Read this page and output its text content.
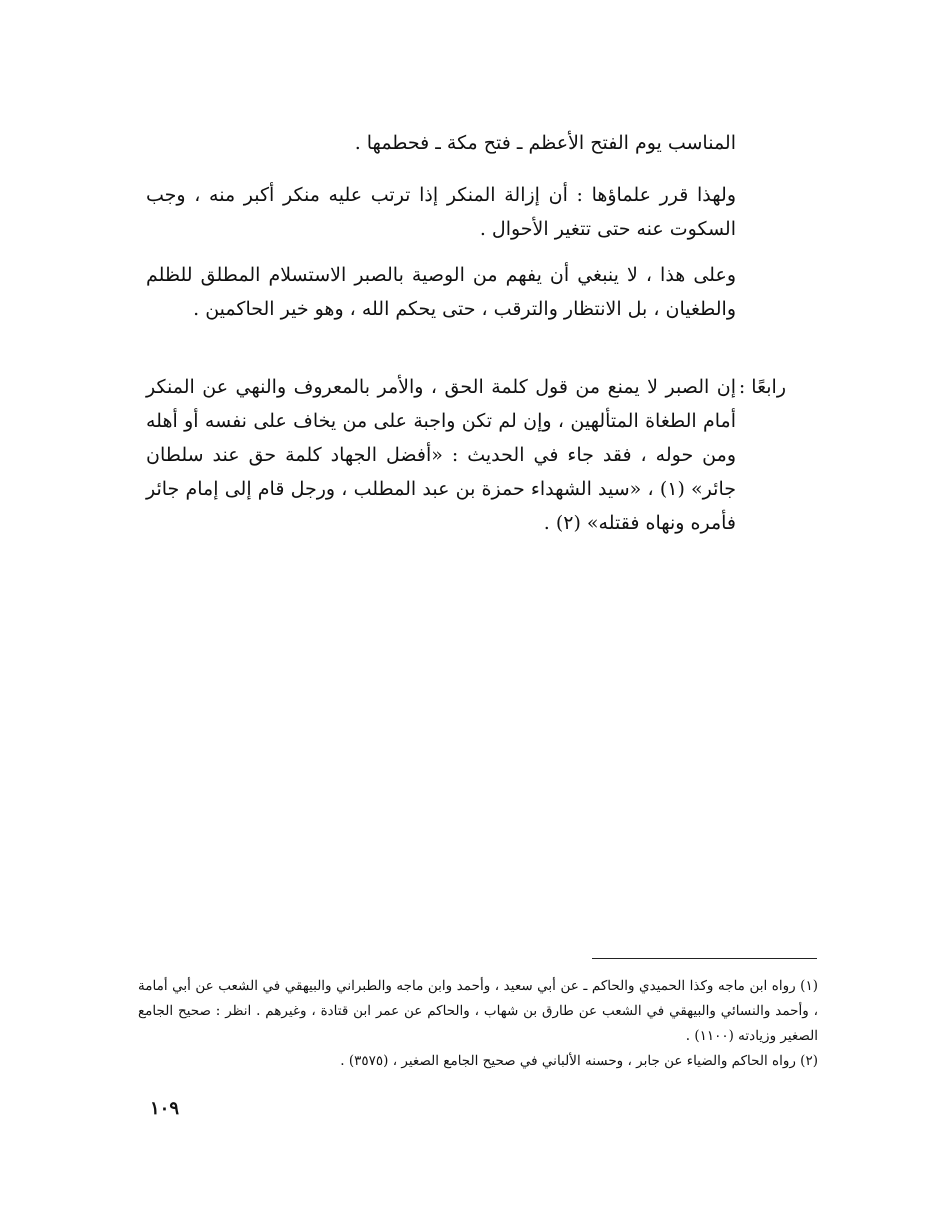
المناسب يوم الفتح الأعظم ـ فتح مكة ـ فحطمها .

ولهذا قرر علماؤها : أن إزالة المنكر إذا ترتب عليه منكر أكبر منه ، وجب السكوت عنه حتى تتغير الأحوال .

وعلى هذا ، لا ينبغي أن يفهم من الوصية بالصبر الاستسلام المطلق للظلم والطغيان ، بل الانتظار والترقب ، حتى يحكم الله ، وهو خير الحاكمين .

رابعًا :

إن الصبر لا يمنع من قول كلمة الحق ، والأمر بالمعروف والنهي عن المنكر أمام الطغاة المتألهين ، وإن لم تكن واجبة على من يخاف على نفسه أو أهله ومن حوله ، فقد جاء في الحديث : «أفضل الجهاد كلمة حق عند سلطان جائر» (١) ، «سيد الشهداء حمزة بن عبد المطلب ، ورجل قام إلى إمام جائر فأمره ونهاه فقتله» (٢) .

(١) رواه ابن ماجه وكذا الحميدي والحاكم ـ عن أبي سعيد ، وأحمد وابن ماجه والطبراني والبيهقي في الشعب عن أبي أمامة ، وأحمد والنسائي والبيهقي في الشعب عن طارق بن شهاب ، والحاكم عن عمر ابن قتادة ، وغيرهم . انظر : صحيح الجامع الصغير وزيادته (١١٠٠) .

(٢) رواه الحاكم والضياء عن جابر ، وحسنه الألباني في صحيح الجامع الصغير ، (٣٥٧٥) .

١٠٩
